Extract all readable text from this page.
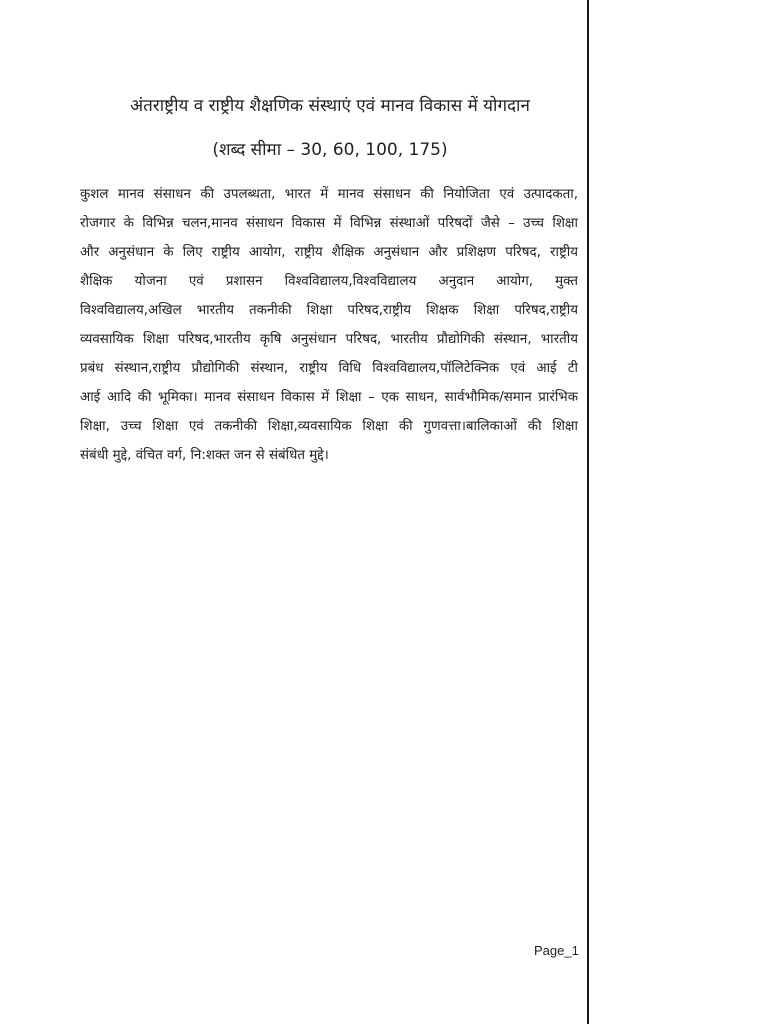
अंतराष्ट्रीय व राष्ट्रीय शैक्षणिक संस्थाएं एवं मानव विकास में योगदान
(शब्द सीमा – 30, 60, 100, 175)
कुशल मानव संसाधन की उपलब्धता, भारत में मानव संसाधन की नियोजिता एवं उत्पादकता,
रोजगार के विभिन्न चलन,मानव संसाधन विकास में विभिन्न संस्थाओं परिषदों जैसे – उच्च शिक्षा
और अनुसंधान के लिए राष्ट्रीय आयोग, राष्ट्रीय शैक्षिक अनुसंधान और प्रशिक्षण परिषद, राष्ट्रीय
शैक्षिक योजना एवं प्रशासन विश्वविद्यालय,विश्वविद्यालय अनुदान आयोग, मुक्त
विश्वविद्यालय,अखिल भारतीय तकनीकी शिक्षा परिषद,राष्ट्रीय शिक्षक शिक्षा परिषद,राष्ट्रीय
व्यवसायिक शिक्षा परिषद,भारतीय कृषि अनुसंधान परिषद, भारतीय प्रौद्योगिकी संस्थान, भारतीय
प्रबंध संस्थान,राष्ट्रीय प्रौद्योगिकी संस्थान, राष्ट्रीय विधि विश्वविद्यालय,पॉलिटेक्निक एवं आई टी
आई आदि की भूमिका। मानव संसाधन विकास में शिक्षा – एक साधन, सार्वभौमिक/समान प्रारंभिक
शिक्षा, उच्च शिक्षा एवं तकनीकी शिक्षा,व्यवसायिक शिक्षा की गुणवत्ता।बालिकाओं की शिक्षा
संबंधी मुद्दे, वंचित वर्ग, नि:शक्त जन से संबंधित मुद्दे।
Page_1
